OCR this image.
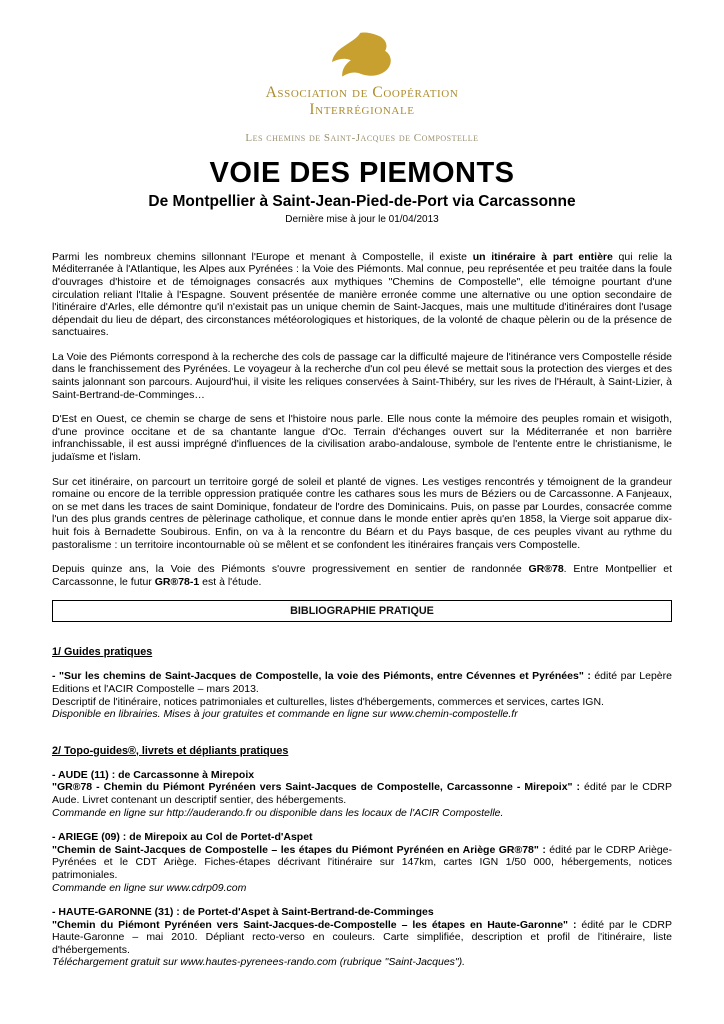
Association de Coopération
Interrégionale
Les chemins de Saint-Jacques de Compostelle
VOIE DES PIEMONTS
De Montpellier à Saint-Jean-Pied-de-Port via Carcassonne
Dernière mise à jour le 01/04/2013

Parmi les nombreux chemins sillonnant l'Europe et menant à Compostelle, il existe un itinéraire à part entière qui relie la Méditerranée à l'Atlantique, les Alpes aux Pyrénées : la Voie des Piémonts. Mal connue, peu représentée et peu traitée dans la foule d'ouvrages d'histoire et de témoignages consacrés aux mythiques "Chemins de Compostelle", elle témoigne pourtant d'une circulation reliant l'Italie à l'Espagne. Souvent présentée de manière erronée comme une alternative ou une option secondaire de l'itinéraire d'Arles, elle démontre qu'il n'existait pas un unique chemin de Saint-Jacques, mais une multitude d'itinéraires dont l'usage dépendait du lieu de départ, des circonstances météorologiques et historiques, de la volonté de chaque pèlerin ou de la présence de sanctuaires.

La Voie des Piémonts correspond à la recherche des cols de passage car la difficulté majeure de l'itinérance vers Compostelle réside dans le franchissement des Pyrénées. Le voyageur à la recherche d'un col peu élevé se mettait sous la protection des vierges et des saints jalonnant son parcours. Aujourd'hui, il visite les reliques conservées à Saint-Thibéry, sur les rives de l'Hérault, à Saint-Lizier, à Saint-Bertrand-de-Comminges…

D'Est en Ouest, ce chemin se charge de sens et l'histoire nous parle. Elle nous conte la mémoire des peuples romain et wisigoth, d'une province occitane et de sa chantante langue d'Oc. Terrain d'échanges ouvert sur la Méditerranée et non barrière infranchissable, il est aussi imprégné d'influences de la civilisation arabo-andalouse, symbole de l'entente entre le christianisme, le judaïsme et l'islam.

Sur cet itinéraire, on parcourt un territoire gorgé de soleil et planté de vignes. Les vestiges rencontrés y témoignent de la grandeur romaine ou encore de la terrible oppression pratiquée contre les cathares sous les murs de Béziers ou de Carcassonne. A Fanjeaux, on se met dans les traces de saint Dominique, fondateur de l'ordre des Dominicains. Puis, on passe par Lourdes, consacrée comme l'un des plus grands centres de pèlerinage catholique, et connue dans le monde entier après qu'en 1858, la Vierge soit apparue dix-huit fois à Bernadette Soubirous. Enfin, on va à la rencontre du Béarn et du Pays basque, de ces peuples vivant au rythme du pastoralisme : un territoire incontournable où se mêlent et se confondent les itinéraires français vers Compostelle.

Depuis quinze ans, la Voie des Piémonts s'ouvre progressivement en sentier de randonnée GR®78. Entre Montpellier et Carcassonne, le futur GR®78-1 est à l'étude.

BIBLIOGRAPHIE PRATIQUE
1/ Guides pratiques

- "Sur les chemins de Saint-Jacques de Compostelle, la voie des Piémonts, entre Cévennes et Pyrénées" : édité par Lepère Editions et l'ACIR Compostelle – mars 2013.

Descriptif de l'itinéraire, notices patrimoniales et culturelles, listes d'hébergements, commerces et services, cartes IGN.

Disponible en librairies. Mises à jour gratuites et commande en ligne sur www.chemin-compostelle.fr

2/ Topo-guides®, livrets et dépliants pratiques

- AUDE (11) : de Carcassonne à Mirepoix

"GR®78 - Chemin du Piémont Pyrénéen vers Saint-Jacques de Compostelle, Carcassonne - Mirepoix" : édité par le CDRP Aude. Livret contenant un descriptif sentier, des hébergements.

Commande en ligne sur http://auderando.fr ou disponible dans les locaux de l'ACIR Compostelle.

- ARIEGE (09) : de Mirepoix au Col de Portet-d'Aspet

"Chemin de Saint-Jacques de Compostelle – les étapes du Piémont Pyrénéen en Ariège GR®78" : édité par le CDRP Ariège-Pyrénées et le CDT Ariège. Fiches-étapes décrivant l'itinéraire sur 147km, cartes IGN 1/50 000, hébergements, notices patrimoniales.

Commande en ligne sur www.cdrp09.com

- HAUTE-GARONNE (31) : de Portet-d'Aspet à Saint-Bertrand-de-Comminges

"Chemin du Piémont Pyrénéen vers Saint-Jacques-de-Compostelle – les étapes en Haute-Garonne" : édité par le CDRP Haute-Garonne – mai 2010. Dépliant recto-verso en couleurs. Carte simplifiée, description et profil de l'itinéraire, liste d'hébergements.

Téléchargement gratuit sur www.hautes-pyrenees-rando.com (rubrique "Saint-Jacques").
